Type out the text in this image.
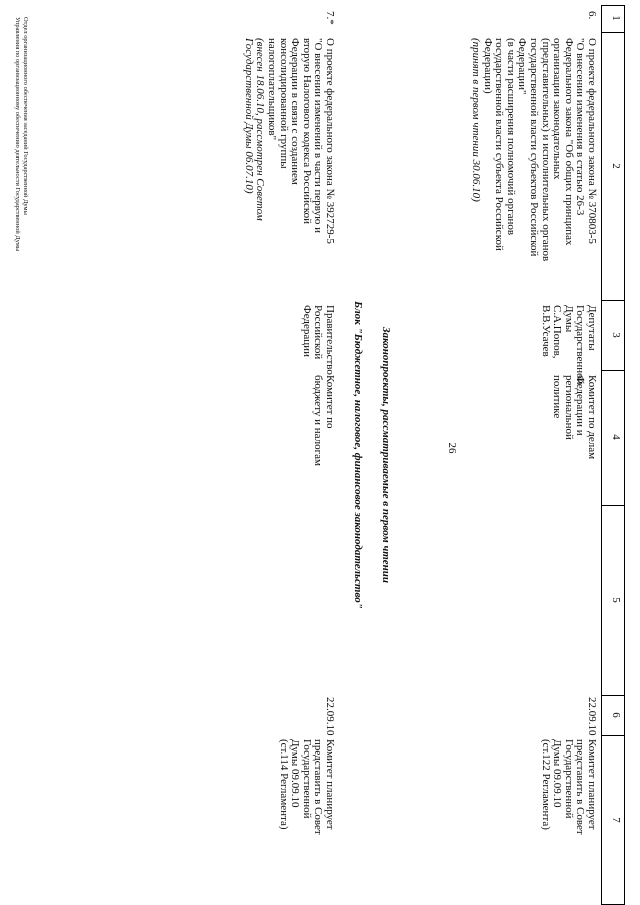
26
1
2
3
4
5
6
7
6.
О проекте федерального закона № 370803-5
"О внесении изменения в статью 26-3
Федерального закона "Об общих принципах
организации законодательных
(представительных) и исполнительных органов
государственной власти субъектов Российской
Федерации"
(в части расширения полномочий органов
государственной власти субъекта Российской
Федерации)
(принят в первом чтении 30.06.10)
Депутаты
Государственной
Думы
С.А.Попов,
В.В.Усачев
Комитет по делам
Федерации и
региональной
политике
22.09.10
Комитет планирует
представить в Совет
Государственной
Думы 09.09.10
(ст.122 Регламента)
Законопроекты, рассматриваемые в первом чтении
Блок "Бюджетное, налоговое, финансовое законодательство"
7.*
О проекте федерального закона № 392729-5
"О внесении изменений в части первую и
вторую Налогового кодекса Российской
Федерации в связи с созданием
консолидированной группы
налогоплательщиков"
(внесен 18.06.10, рассмотрен Советом
Государственной Думы 06.07.10)
Правительство
Российской
Федерации
Комитет по
бюджету и налогам
22.09.10
Комитет планирует
представить в Совет
Государственной
Думы 09.09.10
(ст.114 Регламента)
Отдел организационного обеспечения заседаний Государственной Думы
Управления по организационному обеспечению деятельности Государственной Думы
